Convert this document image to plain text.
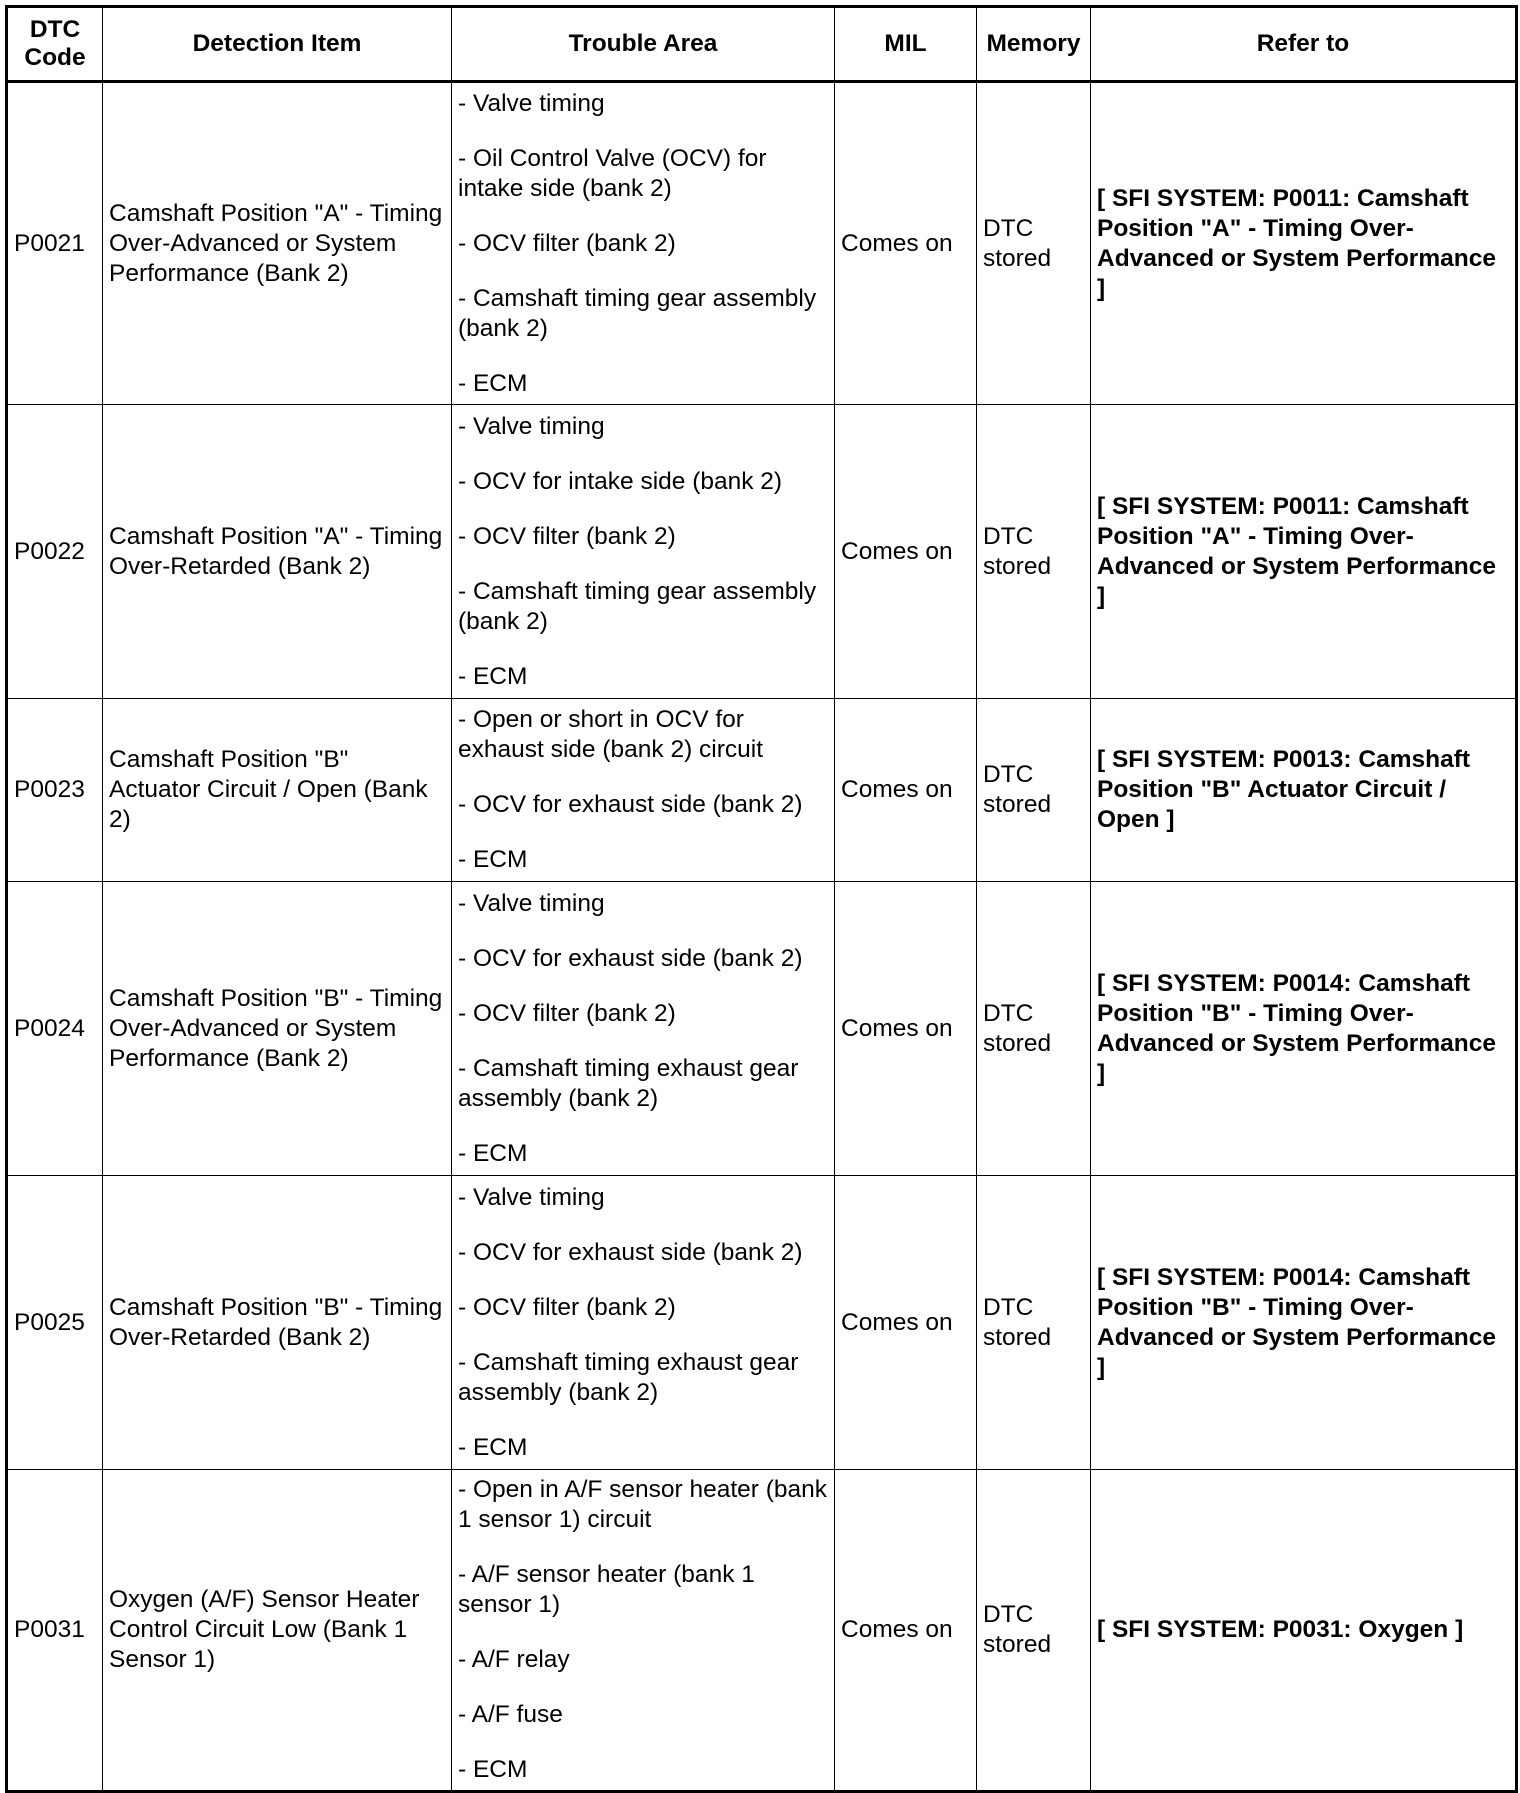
DTC Code	Detection Item	Trouble Area	MIL	Memory	Refer to
P0021	Camshaft Position "A" - Timing Over-Advanced or System Performance (Bank 2)	- Valve timing
- Oil Control Valve (OCV) for intake side (bank 2)
- OCV filter (bank 2)
- Camshaft timing gear assembly (bank 2)
- ECM	Comes on	DTC stored	[ SFI SYSTEM: P0011: Camshaft Position "A" - Timing Over-Advanced or System Performance ]
P0022	Camshaft Position "A" - Timing Over-Retarded (Bank 2)	- Valve timing
- OCV for intake side (bank 2)
- OCV filter (bank 2)
- Camshaft timing gear assembly (bank 2)
- ECM	Comes on	DTC stored	[ SFI SYSTEM: P0011: Camshaft Position "A" - Timing Over-Advanced or System Performance ]
P0023	Camshaft Position "B" Actuator Circuit / Open (Bank 2)	- Open or short in OCV for exhaust side (bank 2) circuit
- OCV for exhaust side (bank 2)
- ECM	Comes on	DTC stored	[ SFI SYSTEM: P0013: Camshaft Position "B" Actuator Circuit / Open ]
P0024	Camshaft Position "B" - Timing Over-Advanced or System Performance (Bank 2)	- Valve timing
- OCV for exhaust side (bank 2)
- OCV filter (bank 2)
- Camshaft timing exhaust gear assembly (bank 2)
- ECM	Comes on	DTC stored	[ SFI SYSTEM: P0014: Camshaft Position "B" - Timing Over-Advanced or System Performance ]
P0025	Camshaft Position "B" - Timing Over-Retarded (Bank 2)	- Valve timing
- OCV for exhaust side (bank 2)
- OCV filter (bank 2)
- Camshaft timing exhaust gear assembly (bank 2)
- ECM	Comes on	DTC stored	[ SFI SYSTEM: P0014: Camshaft Position "B" - Timing Over-Advanced or System Performance ]
P0031	Oxygen (A/F) Sensor Heater Control Circuit Low (Bank 1 Sensor 1)	- Open in A/F sensor heater (bank 1 sensor 1) circuit
- A/F sensor heater (bank 1 sensor 1)
- A/F relay
- A/F fuse
- ECM	Comes on	DTC stored	[ SFI SYSTEM: P0031: Oxygen ]
